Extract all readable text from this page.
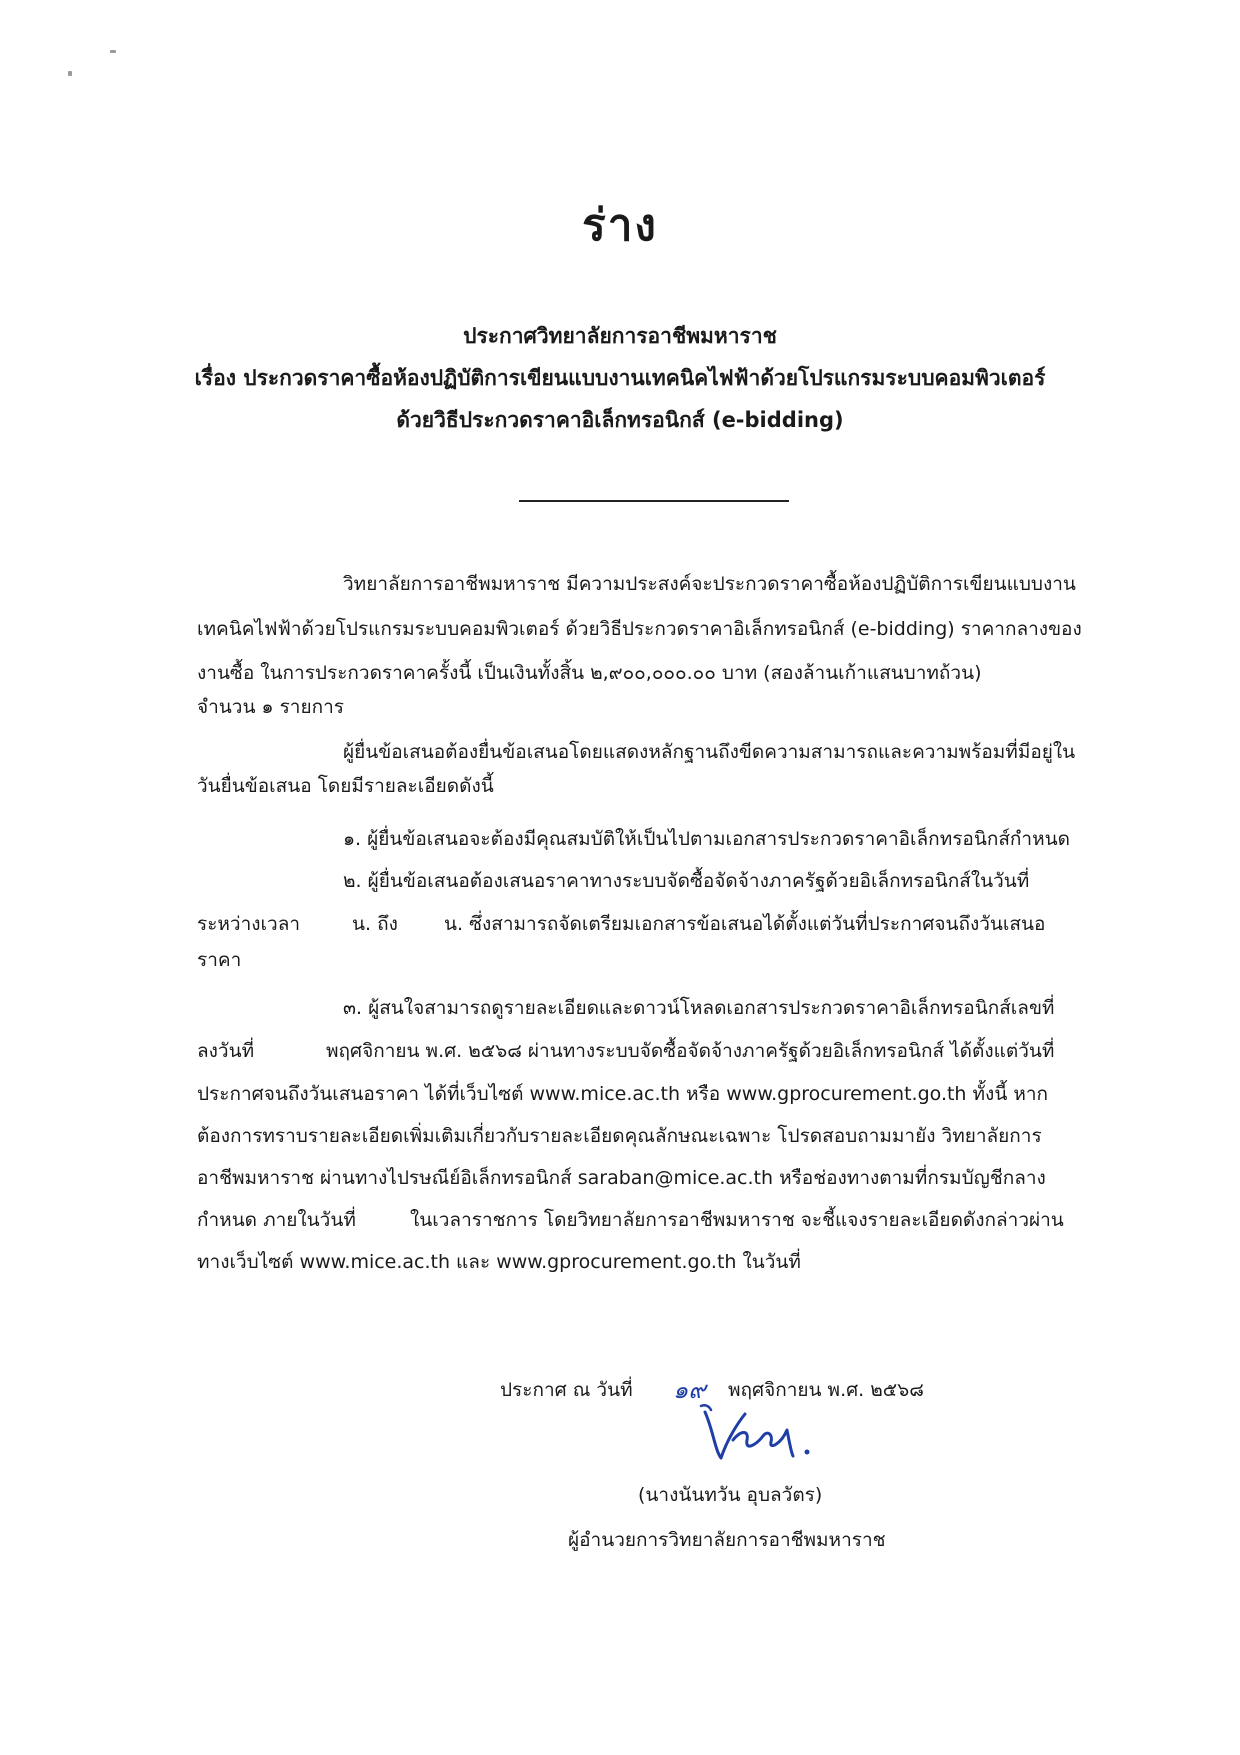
ร่าง
ประกาศวิทยาลัยการอาชีพมหาราช
เรื่อง ประกวดราคาซื้อห้องปฏิบัติการเขียนแบบงานเทคนิคไฟฟ้าด้วยโปรแกรมระบบคอมพิวเตอร์
ด้วยวิธีประกวดราคาอิเล็กทรอนิกส์ (e-bidding)
วิทยาลัยการอาชีพมหาราช มีความประสงค์จะประกวดราคาซื้อห้องปฏิบัติการเขียนแบบงาน
เทคนิคไฟฟ้าด้วยโปรแกรมระบบคอมพิวเตอร์ ด้วยวิธีประกวดราคาอิเล็กทรอนิกส์ (e-bidding) ราคากลางของ
งานซื้อ ในการประกวดราคาครั้งนี้ เป็นเงินทั้งสิ้น ๒,๙๐๐,๐๐๐.๐๐ บาท (สองล้านเก้าแสนบาทถ้วน)
จำนวน ๑ รายการ
ผู้ยื่นข้อเสนอต้องยื่นข้อเสนอโดยแสดงหลักฐานถึงขีดความสามารถและความพร้อมที่มีอยู่ใน
วันยื่นข้อเสนอ โดยมีรายละเอียดดังนี้
๑. ผู้ยื่นข้อเสนอจะต้องมีคุณสมบัติให้เป็นไปตามเอกสารประกวดราคาอิเล็กทรอนิกส์กำหนด
๒. ผู้ยื่นข้อเสนอต้องเสนอราคาทางระบบจัดซื้อจัดจ้างภาครัฐด้วยอิเล็กทรอนิกส์ในวันที่
ระหว่างเวลา	น. ถึง น. ซึ่งสามารถจัดเตรียมเอกสารข้อเสนอได้ตั้งแต่วันที่ประกาศจนถึงวันเสนอ
ราคา
๓. ผู้สนใจสามารถดูรายละเอียดและดาวน์โหลดเอกสารประกวดราคาอิเล็กทรอนิกส์เลขที่
ลงวันที่	พฤศจิกายน พ.ศ. ๒๕๖๘ ผ่านทางระบบจัดซื้อจัดจ้างภาครัฐด้วยอิเล็กทรอนิกส์ ได้ตั้งแต่วันที่
ประกาศจนถึงวันเสนอราคา ได้ที่เว็บไซต์ www.mice.ac.th หรือ www.gprocurement.go.th ทั้งนี้ หาก
ต้องการทราบรายละเอียดเพิ่มเติมเกี่ยวกับรายละเอียดคุณลักษณะเฉพาะ โปรดสอบถามมายัง วิทยาลัยการ
อาชีพมหาราช ผ่านทางไปรษณีย์อิเล็กทรอนิกส์ saraban@mice.ac.th หรือช่องทางตามที่กรมบัญชีกลาง
กำหนด ภายในวันที่	ในเวลาราชการ โดยวิทยาลัยการอาชีพมหาราช จะชี้แจงรายละเอียดดังกล่าวผ่าน
ทางเว็บไซต์ www.mice.ac.th และ www.gprocurement.go.th ในวันที่
ประกาศ ณ วันที่ ๑๙ พฤศจิกายน พ.ศ. ๒๕๖๘
(นางนันทวัน อุบลวัตร)
ผู้อำนวยการวิทยาลัยการอาชีพมหาราช
